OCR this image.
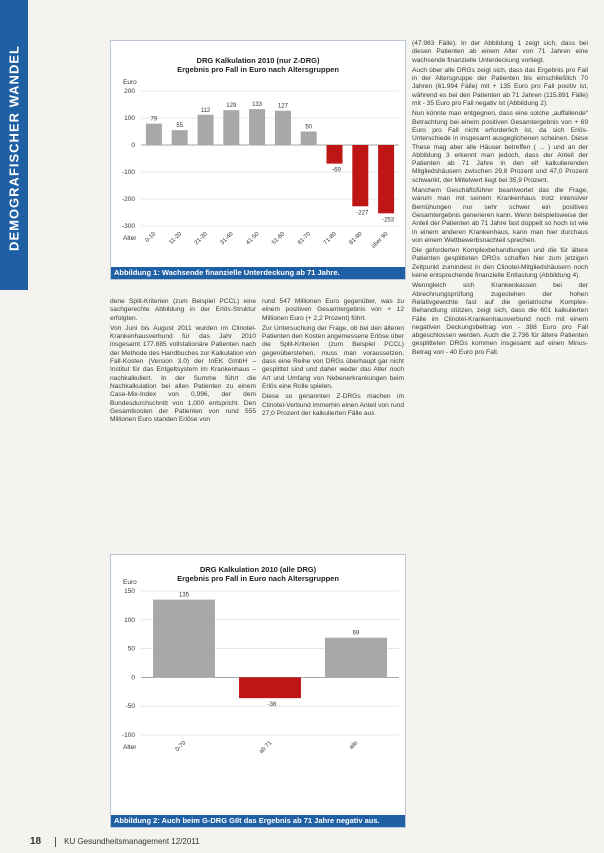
DEMOGRAFISCHER WANDEL	DRG Kalkulation 2010 (nur Z-DRG)
Ergebnis pro Fall in Euro nach Altersgruppen
200
100
0
-100
-200
-300
Euro
Alter
79
0-10
55
11-20
112
21-30
129
31-40
133
41-50
127
51-60
50
61-70
-69
71-80
-227
81-90
-253
über 90
Abbildung 1: Wachsende finanzielle Unterdeckung ab 71 Jahre.

dene Split-Kriterien (zum Beispiel PCCL) eine sachgerechte Abbildung in der Erlös-Struktur erfolgten.

Von Juni bis August 2011 wurden im Clinotel-Krankenhausverbund für das Jahr 2010 insgesamt 177.885 vollstationäre Patienten nach der Methode des Handbuches zur Kalkulation von Fall-Kosten (Version 3.0) der InEK GmbH – Institut für das Entgeltsystem im Krankenhaus – nachkalkuliert. In der Summe führt die Nachkalkulation bei allen Patienten zu einem Case-Mix-Index von 0,996, der dem Bundesdurchschnitt von 1,000 entspricht. Den Gesamtkosten der Patienten von rund 555 Millionen Euro standen Erlöse von

rund 547 Millionen Euro gegenüber, was zu einem positiven Gesamtergebnis von + 12 Millionen Euro (+ 2,2 Prozent) führt.

Zur Untersuchung der Frage, ob bei den älteren Patienten den Kosten angemessene Erlöse über die Split-Kriterien (zum Beispiel PCCL) gegenüberstehen, muss man voraussetzen, dass eine Reihe von DRGs überhaupt gar nicht gesplittet sind und daher weder das Alter noch Art und Umfang von Nebenerkrankungen beim Erlös eine Rolle spielen.

Diese so genannten Z-DRGs machen im Clinotel-Verbund immerhin einen Anteil von rund 27,0 Prozent der kalkulierten Fälle aus

DRG Kalkulation 2010 (alle DRG)
Ergebnis pro Fall in Euro nach Altersgruppen
150
100
50
0
-50
-100
Euro
Alter
135
0-70
-36
ab 71
69
alle
Abbildung 2: Auch beim G-DRG GIlt das Ergebnis ab 71 Jahre negativ aus.

(47.983 Fälle). In der Abbildung 1 zeigt sich, dass bei diesen Patienten ab einem Alter von 71 Jahren eine wachsende finanzielle Unterdeckung vorliegt.

Auch über alle DRGs zeigt sich, dass das Ergebnis pro Fall in der Altersgruppe der Patienten bis einschließlich 70 Jahren (61.994 Fälle) mit + 135 Euro pro Fall positiv ist, während es bei den Patienten ab 71 Jahren (115.891 Fälle) mit - 35 Euro pro Fall negativ ist (Abbildung 2).

Nun könnte man entgegnen, dass eine solche „auffallende“ Betrachtung bei einem positiven Gesamtergebnis von + 69 Euro pro Fall nicht erforderlich ist, da sich Erlös-Unterschiede in insgesamt ausgeglichenen scheinen. Diese These mag aber alle Häuser betreffen ( ... ) und an der Abbildung 3 erkennt man jedoch, dass der Anteil der Patienten ab 71 Jahre in den elf kalkulierenden Mitgliedshäusern zwischen 29,8 Prozent und 47,0 Prozent schwankt, der Mittelwert liegt bei 35,9 Prozent.

Manchem Geschäftsführer beantwortet das die Frage, warum man mit seinem Krankenhaus trotz intensiver Bemühungen nur sehr schwer ein positives Gesamtergebnis generieren kann. Wenn beispielsweise der Anteil der Patienten ab 71 Jahre fast doppelt so hoch ist wie in einem anderen Krankenhaus, kann man hier durchaus von einem Wettbewerbsnachteil sprechen.

Die geforderten Komplexbehandlungen und die für ältere Patienten gesplitteten DRGs schaffen hier zum jetzigen Zeitpunkt zumindest in den Clinotel-Mitgliedshäusern noch keine entsprechende finanzielle Entlastung (Abbildung 4).

Wenngleich sich Krankenkassen bei der Abrechnungsprüfung zugestehen der hohen Relativgewichte fast auf die geriatrische Komplex-Behandlung stützen, zeigt sich, dass die 601 kalkulierten Fälle im Clinotel-Krankenhausverbund noch mit einem negativen Deckungsbeitrag von - 388 Euro pro Fall abgeschlossen werden. Auch die 2.736 für ältere Patienten gesplitteten DRGs kommen insgesamt auf einen Minus-Betrag von - 40 Euro pro Fall.

18	KU Gesundheitsmanagement 12/2011
